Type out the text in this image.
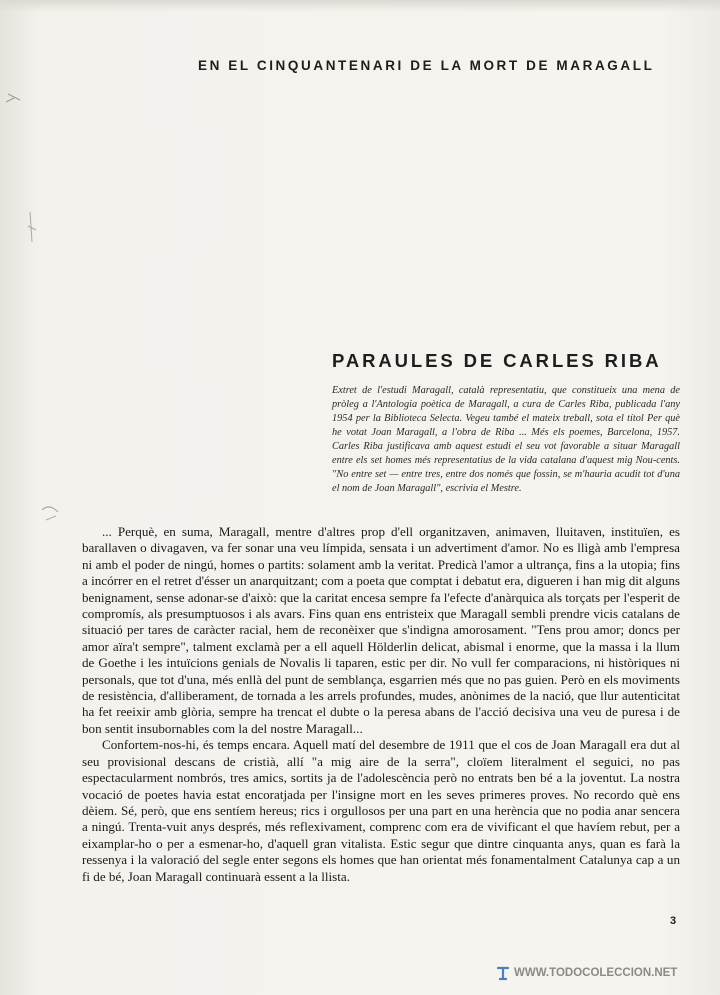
EN EL CINQUANTENARI DE LA MORT DE MARAGALL
PARAULES DE CARLES RIBA
Extret de l'estudi Maragall, català representatiu, que constitueix una mena de pròleg a l'Antologia poètica de Maragall, a cura de Carles Riba, publicada l'any 1954 per la Biblioteca Selecta. Vegeu també el mateix treball, sota el títol Per què he votat Joan Maragall, a l'obra de Riba ... Més els poemes, Barcelona, 1957. Carles Riba justificava amb aquest estudi el seu vot favorable a situar Maragall entre els set homes més representatius de la vida catalana d'aquest mig Nou-cents. "No entre set — entre tres, entre dos només que fossin, se m'hauria acudit tot d'una el nom de Joan Maragall", escrivia el Mestre.

... Perquè, en suma, Maragall, mentre d'altres prop d'ell organitzaven, animaven, lluitaven, instituïen, es barallaven o divagaven, va fer sonar una veu límpida, sensata i un advertiment d'amor. No es lligà amb l'empresa ni amb el poder de ningú, homes o partits: solament amb la veritat. Predicà l'amor a ultrança, fins a la utopia; fins a incórrer en el retret d'ésser un anarquitzant; com a poeta que comptat i debatut era, digueren i han mig dit alguns benignament, sense adonar-se d'això: que la caritat encesa sempre fa l'efecte d'anàrquica als torçats per l'esperit de compromís, als presumptuosos i als avars. Fins quan ens entristeix que Maragall sembli prendre vicis catalans de situació per tares de caràcter racial, hem de reconèixer que s'indigna amorosament. "Tens prou amor; doncs per amor aïra't sempre", talment exclamà per a ell aquell Hölderlin delicat, abismal i enorme, que la massa i la llum de Goethe i les intuïcions genials de Novalis li taparen, estic per dir. No vull fer comparacions, ni històriques ni personals, que tot d'una, més enllà del punt de semblança, esgarrien més que no pas guien. Però en els moviments de resistència, d'alliberament, de tornada a les arrels profundes, mudes, anònimes de la nació, que llur autenticitat ha fet reeixir amb glòria, sempre ha trencat el dubte o la peresa abans de l'acció decisiva una veu de puresa i de bon sentit insubornables com la del nostre Maragall...

Confortem-nos-hi, és temps encara. Aquell matí del desembre de 1911 que el cos de Joan Maragall era dut al seu provisional descans de cristià, allí "a mig aire de la serra", cloïem literalment el seguici, no pas espectacularment nombrós, tres amics, sortits ja de l'adolescència però no entrats ben bé a la joventut. La nostra vocació de poetes havia estat encoratjada per l'insigne mort en les seves primeres proves. No recordo què ens dèiem. Sé, però, que ens sentíem hereus; rics i orgullosos per una part en una herència que no podia anar sencera a ningú. Trenta-vuit anys després, més reflexivament, comprenc com era de vivificant el que havíem rebut, per a eixamplar-ho o per a esmenar-ho, d'aquell gran vitalista. Estic segur que dintre cinquanta anys, quan es farà la ressenya i la valoració del segle enter segons els homes que han orientat més fonamentalment Catalunya cap a un fi de bé, Joan Maragall continuarà essent a la llista.

3
WWW.TODOCOLECCION.NET
